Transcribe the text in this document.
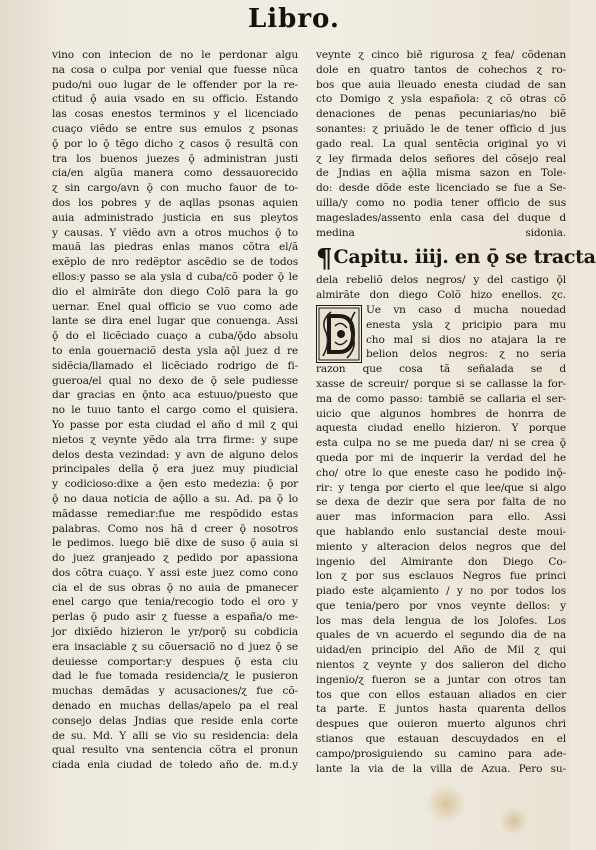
Libro.
vino con intecion de no le perdonar algu
na cosa o culpa por venial que fuesse nũca
pudo/ni ouo lugar de le offender por la re-
ctitud ǭ auia vsado en su officio. Estando
las cosas enestos terminos y el licenciado
cuaço viẽdo se entre sus emulos ɀ psonas
ǭ por lo ǭ tẽgo dicho ɀ casos ǭ resultã con
tra los buenos juezes ǭ administran justi
cia/en algũa manera como dessauorecido
ɀ sin cargo/avn ǭ con mucho fauor de to-
dos los pobres y de aqllas psonas aquien
auia administrado justicia en sus pleytos
y causas. Y viẽdo avn a otros muchos ǭ to
mauã las piedras enlas manos cõtra el/ã
exẽplo de nro redẽptor ascẽdio se de todos
ellos:y passo se ala ysla d cuba/cõ poder ǭ le
dio el almirãte don diego Colõ para la go
uernar. Enel qual officio se vuo como ade
lante se dira enel lugar que conuenga. Assi
ǭ do el licẽciado cuaço a cuba/ǭdo absolu
to enla gouernaciõ desta ysla aǭl juez d re
sidẽcia/llamado el licẽciado rodrigo de fi-
gueroa/el qual no dexo de ǭ sele pudiesse
dar gracias en ǭnto aca estuuo/puesto que
no le tuuo tanto el cargo como el quisiera.
Yo passe por esta ciudad el año d mil ɀ qui
nietos ɀ veynte yẽdo ala trra firme: y supe
delos desta vezindad: y avn de alguno delos
principales della ǭ era juez muy piudicial
y codicioso:dixe a ǭen esto medezia: ǭ por
ǭ no daua noticia de aǭllo a su. Ad. pa ǭ lo
mãdasse remediar:fue me respõdido estas
palabras. Como nos hã d creer ǭ nosotros
le pedimos. luego biẽ dixe de suso ǭ auia si
do juez granjeado ɀ pedido por apassiona
dos cõtra cuaço. Y assi este juez como cono
cia el de sus obras ǭ no auia de pmanecer
enel cargo que tenia/recogio todo el oro y
perlas ǭ pudo asir ɀ fuesse a españa/o me-
jor dixiẽdo hizieron le yr/porǭ su cobdicia
era insaciable ɀ su cõuersaciõ no d juez ǭ se
deuiesse comportar:y despues ǭ esta ciu
dad le fue tomada residencia/ɀ le pusieron
muchas demãdas y acusaciones/ɀ fue cõ-
denado en muchas dellas/apelo pa el real
consejo delas Jndias que reside enla corte
de su. Md. Y alli se vio su residencia: dela
qual resulto vna sentencia cõtra el pronun
ciada enla ciudad de toledo año de. m.d.y
veynte ɀ cinco biẽ rigurosa ɀ fea/ cõdenan
dole en quatro tantos de cohechos ɀ ro-
bos que auia lleuado enesta ciudad de san
cto Domigo ɀ ysla española: ɀ cõ otras cõ
denaciones de penas pecuniarias/no biẽ
sonantes: ɀ priuãdo le de tener officio d jus
gado real. La qual sentẽcia original yo vi
ɀ ley firmada delos señores del cõsejo real
de Jndias en aǭlla misma sazon en Tole-
do: desde dõde este licenciado se fue a Se-
uilla/y como no podia tener officio de sus
mageslades/assento enla casa del duque d
medina sidonia.
¶ Capitu. iiij. en ǭ se tracta
dela rebeliõ delos negros/ y del castigo ǭl
almirãte don diego Colõ hizo enellos. ɀc.
Ue vn caso d mucha nouedad
enesta ysla ɀ pricipio para mu
cho mal si dios no atajara la re
belion delos negros: ɀ no seria
razon que cosa tã señalada se d
xasse de screuir/ porque si se callasse la for-
ma de como passo: tambiẽ se callaria el ser-
uicio que algunos hombres de honrra de
aquesta ciudad enello hizieron. Y porque
esta culpa no se me pueda dar/ ni se crea ǭ
queda por mi de inquerir la verdad del he
cho/ otre lo que eneste caso he podido inǭ-
rir: y tenga por cierto el que lee/que si algo
se dexa de dezir que sera por falta de no
auer mas informacion para ello. Assi
que hablando enlo sustancial deste moui-
miento y alteracion delos negros que del
ingenio del Almirante don Diego Co-
lon ɀ por sus esclauos Negros fue princi
piado este alçamiento / y no por todos los
que tenia/pero por vnos veynte dellos: y
los mas dela lengua de los Jolofes. Los
quales de vn acuerdo el segundo dia de na
uidad/en principio del Año de Mil ɀ qui
nientos ɀ veynte y dos salieron del dicho
ingenio/ɀ fueron se a juntar con otros tan
tos que con ellos estauan aliados en cier
ta parte. E juntos hasta quarenta dellos
despues que ouieron muerto algunos chri
stianos que estauan descuydados en el
campo/prosiguiendo su camino para ade-
lante la via de la villa de Azua. Pero su-
